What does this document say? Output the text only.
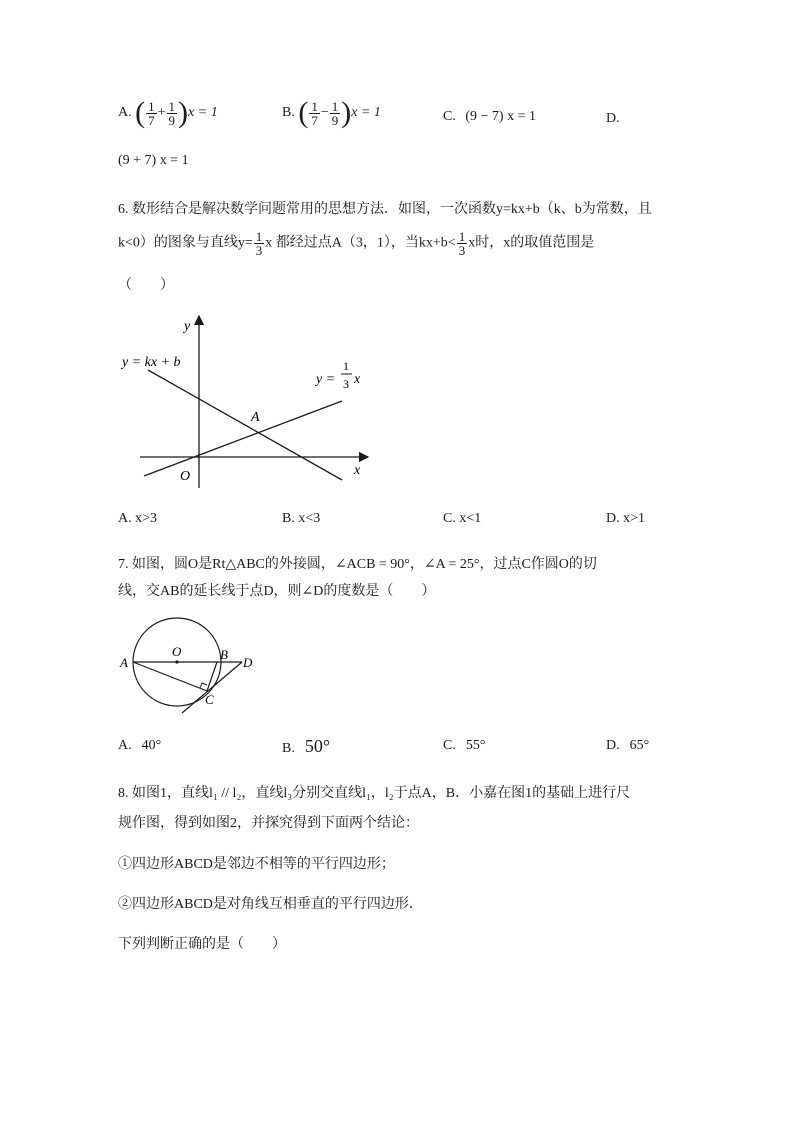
A. ( $\frac{1}{7} + \frac{1}{9} )x = 1$	B. ( $\frac{1}{7} - \frac{1}{9} )x = 1$	C. (9 − 7) x = 1	D.
(9 + 7) x = 1
6. 数形结合是解决数学问题常用的思想方法．如图，一次函数y=kx+b（k、b为常数，且
k<0）的图象与直线$y= \frac{1}{3}$ x 都经过点A（3，1），当$kx+b< \frac{1}{3}$ x时，x的取值范围是
（　　）
y
x
O
A
y = kx + b
y =
1
3 x
A. x>3	B. x<3	C. x<1	D. x>1
7. 如图，圆O是Rt△ABC的外接圆，∠ACB = 90°，∠A = 25°，过点C作圆O的切
线，交AB的延长线于点D，则∠D的度数是（　　）
A
O	B
D
C
A. 40°	B. 50°	C. 55°	D. 65°
8. 如图1，直线l₁ // l₂，直线l₃分别交直线l₁，l₂于点A，B．小嘉在图1的基础上进行尺
规作图，得到如图2，并探究得到下面两个结论：
①四边形ABCD是邻边不相等的平行四边形；
②四边形ABCD是对角线互相垂直的平行四边形．
下列判断正确的是（　　）
